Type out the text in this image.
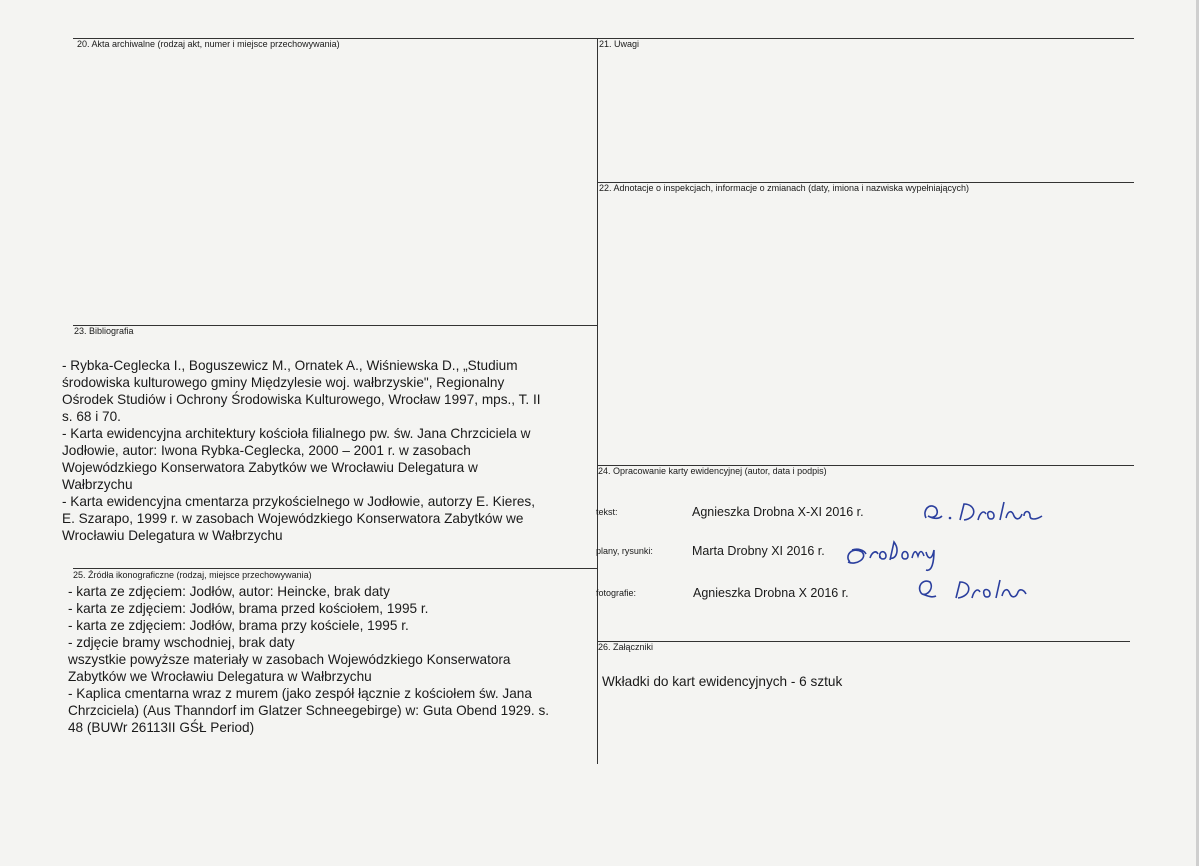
20. Akta archiwalne (rodzaj akt, numer i miejsce przechowywania)	21. Uwagi
22. Adnotacje o inspekcjach, informacje o zmianach (daty, imiona i nazwiska wypełniających)
23. Bibliografia
24. Opracowanie karty ewidencyjnej (autor, data i podpis)
25. Źródła ikonograficzne (rodzaj, miejsce przechowywania)
26. Załączniki
- Rybka-Ceglecka I., Boguszewicz M., Ornatek A., Wiśniewska D., „Studium
środowiska kulturowego gminy Międzylesie woj. wałbrzyskie", Regionalny
Ośrodek Studiów i Ochrony Środowiska Kulturowego, Wrocław 1997, mps., T. II
s. 68 i 70.
- Karta ewidencyjna architektury kościoła filialnego pw. św. Jana Chrzciciela w
Jodłowie, autor: Iwona Rybka-Ceglecka, 2000 – 2001 r. w zasobach
Wojewódzkiego Konserwatora Zabytków we Wrocławiu Delegatura w
Wałbrzychu
- Karta ewidencyjna cmentarza przykościelnego w Jodłowie, autorzy E. Kieres,
E. Szarapo, 1999 r. w zasobach Wojewódzkiego Konserwatora Zabytków we
Wrocławiu Delegatura w Wałbrzychu
- karta ze zdjęciem: Jodłów, autor: Heincke, brak daty
- karta ze zdjęciem: Jodłów, brama przed kościołem, 1995 r.
- karta ze zdjęciem: Jodłów, brama przy kościele, 1995 r.
- zdjęcie bramy wschodniej, brak daty
wszystkie powyższe materiały w zasobach Wojewódzkiego Konserwatora
Zabytków we Wrocławiu Delegatura w Wałbrzychu
- Kaplica cmentarna wraz z murem (jako zespół łącznie z kościołem św. Jana
Chrzciciela) (Aus Thanndorf im Glatzer Schneegebirge) w: Guta Obend 1929. s.
48 (BUWr 26113II GŚŁ Period)
tekst:	Agnieszka Drobna X-XI 2016 r.
plany, rysunki:	Marta Drobny XI 2016 r.
fotografie:	Agnieszka Drobna X 2016 r.
Wkładki do kart ewidencyjnych - 6 sztuk
